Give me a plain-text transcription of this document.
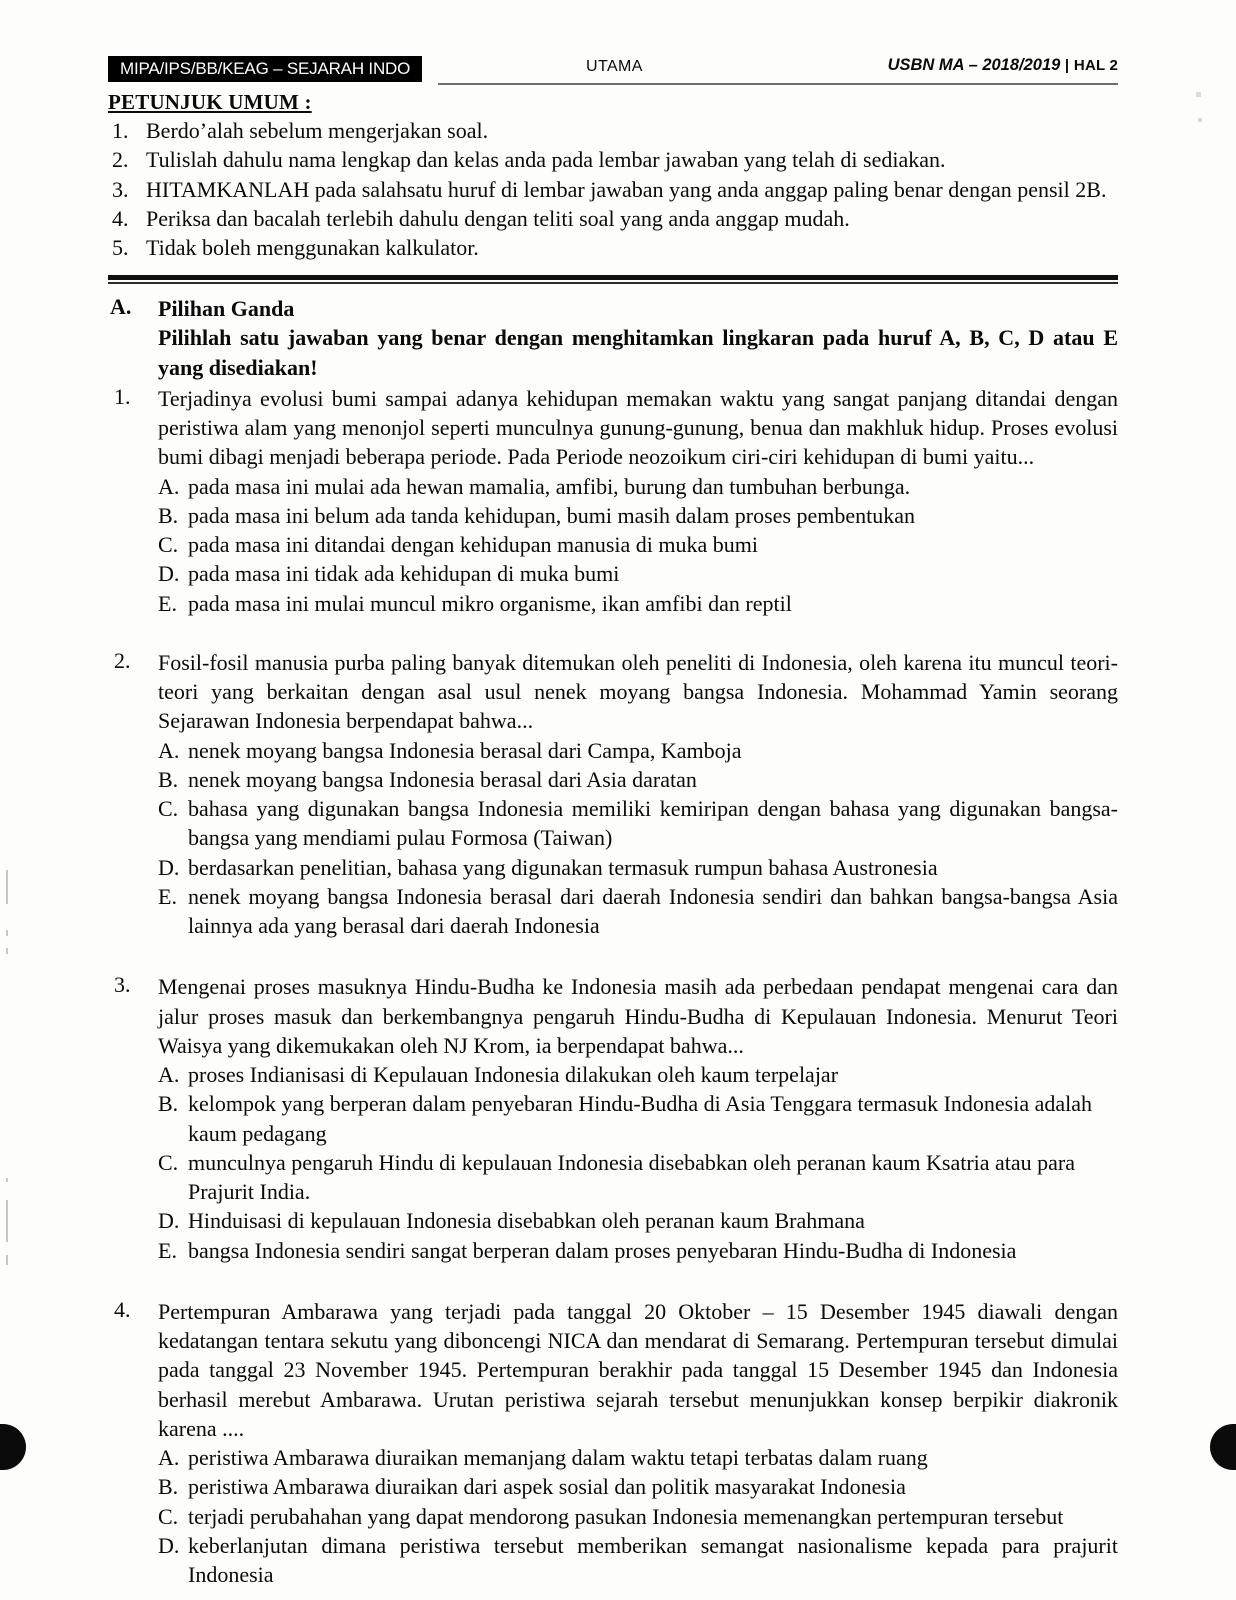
MIPA/IPS/BB/KEAG – SEJARAH INDO	UTAMA	USBN MA – 2018/2019 | HAL 2
PETUNJUK UMUM :
1. Berdo’alah sebelum mengerjakan soal.
2. Tulislah dahulu nama lengkap dan kelas anda pada lembar jawaban yang telah di sediakan.
3. HITAMKANLAH pada salahsatu huruf di lembar jawaban yang anda anggap paling benar dengan pensil 2B.
4. Periksa dan bacalah terlebih dahulu dengan teliti soal yang anda anggap mudah.
5. Tidak boleh menggunakan kalkulator.
A. Pilihan Ganda
Pilihlah satu jawaban yang benar dengan menghitamkan lingkaran pada huruf A, B, C, D atau E yang disediakan!
1. Terjadinya evolusi bumi sampai adanya kehidupan memakan waktu yang sangat panjang ditandai dengan peristiwa alam yang menonjol seperti munculnya gunung-gunung, benua dan makhluk hidup. Proses evolusi bumi dibagi menjadi beberapa periode. Pada Periode neozoikum ciri-ciri kehidupan di bumi yaitu...
A. pada masa ini mulai ada hewan mamalia, amfibi, burung dan tumbuhan berbunga.
B. pada masa ini belum ada tanda kehidupan, bumi masih dalam proses pembentukan
C. pada masa ini ditandai dengan kehidupan manusia di muka bumi
D. pada masa ini tidak ada kehidupan di muka bumi
E. pada masa ini mulai muncul mikro organisme, ikan amfibi dan reptil
2. Fosil-fosil manusia purba paling banyak ditemukan oleh peneliti di Indonesia, oleh karena itu muncul teori-teori yang berkaitan dengan asal usul nenek moyang bangsa Indonesia. Mohammad Yamin seorang Sejarawan Indonesia berpendapat bahwa...
A. nenek moyang bangsa Indonesia berasal dari Campa, Kamboja
B. nenek moyang bangsa Indonesia berasal dari Asia daratan
C. bahasa yang digunakan bangsa Indonesia memiliki kemiripan dengan bahasa yang digunakan bangsa-bangsa yang mendiami pulau Formosa (Taiwan)
D. berdasarkan penelitian, bahasa yang digunakan termasuk rumpun bahasa Austronesia
E. nenek moyang bangsa Indonesia berasal dari daerah Indonesia sendiri dan bahkan bangsa-bangsa Asia lainnya ada yang berasal dari daerah Indonesia
3. Mengenai proses masuknya Hindu-Budha ke Indonesia masih ada perbedaan pendapat mengenai cara dan jalur proses masuk dan berkembangnya pengaruh Hindu-Budha di Kepulauan Indonesia. Menurut Teori Waisya yang dikemukakan oleh NJ Krom, ia berpendapat bahwa...
A. proses Indianisasi di Kepulauan Indonesia dilakukan oleh kaum terpelajar
B. kelompok yang berperan dalam penyebaran Hindu-Budha di Asia Tenggara termasuk Indonesia adalah kaum pedagang
C. munculnya pengaruh Hindu di kepulauan Indonesia disebabkan oleh peranan kaum Ksatria atau para Prajurit India.
D. Hinduisasi di kepulauan Indonesia disebabkan oleh peranan kaum Brahmana
E. bangsa Indonesia sendiri sangat berperan dalam proses penyebaran Hindu-Budha di Indonesia
4. Pertempuran Ambarawa yang terjadi pada tanggal 20 Oktober – 15 Desember 1945 diawali dengan kedatangan tentara sekutu yang diboncengi NICA dan mendarat di Semarang. Pertempuran tersebut dimulai pada tanggal 23 November 1945. Pertempuran berakhir pada tanggal 15 Desember 1945 dan Indonesia berhasil merebut Ambarawa. Urutan peristiwa sejarah tersebut menunjukkan konsep berpikir diakronik karena ....
A. peristiwa Ambarawa diuraikan memanjang dalam waktu tetapi terbatas dalam ruang
B. peristiwa Ambarawa diuraikan dari aspek sosial dan politik masyarakat Indonesia
C. terjadi perubahahan yang dapat mendorong pasukan Indonesia memenangkan pertempuran tersebut
D. keberlanjutan dimana peristiwa tersebut memberikan semangat nasionalisme kepada para prajurit Indonesia
